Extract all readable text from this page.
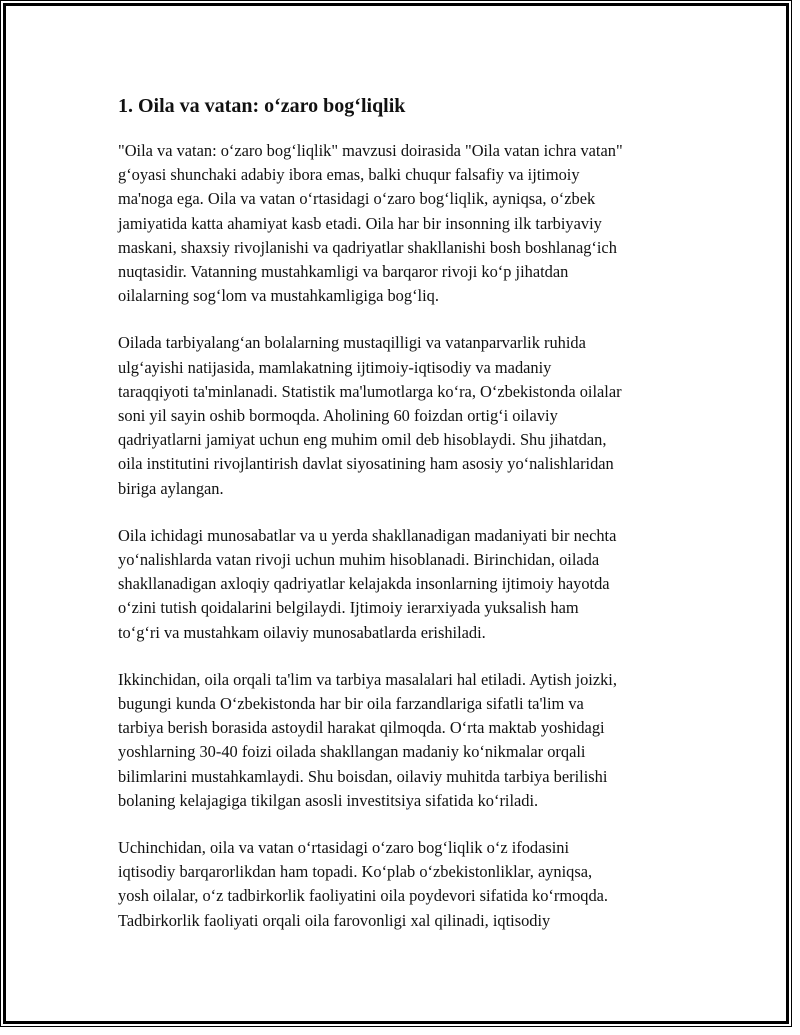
1. Oila va vatan: o‘zaro bog‘liqlik

"Oila va vatan: o‘zaro bog‘liqlik" mavzusi doirasida "Oila vatan ichra vatan"
g‘oyasi shunchaki adabiy ibora emas, balki chuqur falsafiy va ijtimoiy
ma'noga ega. Oila va vatan o‘rtasidagi o‘zaro bog‘liqlik, ayniqsa, o‘zbek
jamiyatida katta ahamiyat kasb etadi. Oila har bir insonning ilk tarbiyaviy
maskani, shaxsiy rivojlanishi va qadriyatlar shakllanishi bosh boshlanag‘ich
nuqtasidir. Vatanning mustahkamligi va barqaror rivoji ko‘p jihatdan
oilalarning sog‘lom va mustahkamligiga bog‘liq.

Oilada tarbiyalang‘an bolalarning mustaqilligi va vatanparvarlik ruhida
ulg‘ayishi natijasida, mamlakatning ijtimoiy-iqtisodiy va madaniy
taraqqiyoti ta'minlanadi. Statistik ma'lumotlarga ko‘ra, O‘zbekistonda oilalar
soni yil sayin oshib bormoqda. Aholining 60 foizdan ortig‘i oilaviy
qadriyatlarni jamiyat uchun eng muhim omil deb hisoblaydi. Shu jihatdan,
oila institutini rivojlantirish davlat siyosatining ham asosiy yo‘nalishlaridan
biriga aylangan.

Oila ichidagi munosabatlar va u yerda shakllanadigan madaniyati bir nechta
yo‘nalishlarda vatan rivoji uchun muhim hisoblanadi. Birinchidan, oilada
shakllanadigan axloqiy qadriyatlar kelajakda insonlarning ijtimoiy hayotda
o‘zini tutish qoidalarini belgilaydi. Ijtimoiy ierarxiyada yuksalish ham
to‘g‘ri va mustahkam oilaviy munosabatlarda erishiladi.

Ikkinchidan, oila orqali ta'lim va tarbiya masalalari hal etiladi. Aytish joizki,
bugungi kunda O‘zbekistonda har bir oila farzandlariga sifatli ta'lim va
tarbiya berish borasida astoydil harakat qilmoqda. O‘rta maktab yoshidagi
yoshlarning 30-40 foizi oilada shakllangan madaniy ko‘nikmalar orqali
bilimlarini mustahkamlaydi. Shu boisdan, oilaviy muhitda tarbiya berilishi
bolaning kelajagiga tikilgan asosli investitsiya sifatida ko‘riladi.

Uchinchidan, oila va vatan o‘rtasidagi o‘zaro bog‘liqlik o‘z ifodasini
iqtisodiy barqarorlikdan ham topadi. Ko‘plab o‘zbekistonliklar, ayniqsa,
yosh oilalar, o‘z tadbirkorlik faoliyatini oila poydevori sifatida ko‘rmoqda.
Tadbirkorlik faoliyati orqali oila farovonligi xal qilinadi, iqtisodiy
